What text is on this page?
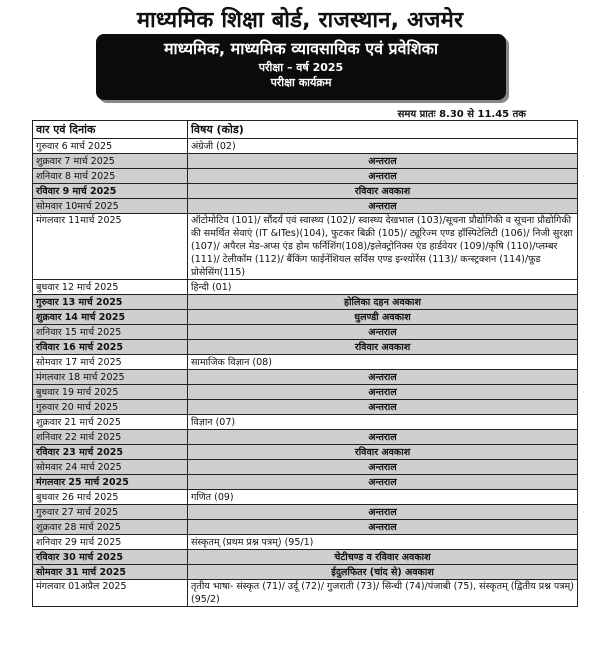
माध्यमिक शिक्षा बोर्ड, राजस्थान, अजमेर
माध्यमिक, माध्यमिक व्यावसायिक एवं प्रवेशिका
परीक्षा – वर्ष 2025
परीक्षा कार्यक्रम
समय प्रातः 8.30 से 11.45 तक
वार एवं दिनांक	विषय (कोड)
गुरुवार 6 मार्च 2025	अंग्रेजी (02)
शुक्रवार 7 मार्च 2025	अन्तराल
शनिवार 8 मार्च 2025	अन्तराल
रविवार 9 मार्च 2025	रविवार अवकाश
सोमवार 10मार्च 2025	अन्तराल
मंगलवार 11मार्च 2025	ऑटोमोटिव (101)/ सौंदर्य एवं स्वास्थ्य (102)/ स्वास्थ्य देखभाल (103)/सूचना प्रौद्योगिकी व सूचना प्रौद्योगिकी की समर्थित सेवाएं (IT &ITes)(104), फुटकर बिक्री (105)/ ट्यूरिज्म एण्ड हॉस्पिटेलिटी (106)/ निजी सुरक्षा (107)/ अपैरल मेड-अप्स एंड होम फर्निशिंग(108)/इलेक्ट्रोनिक्स एंड हार्डवेयर (109)/कृषि (110)/प्लम्बर (111)/ टेलीकॉम (112)/ बैंकिंग फाईनेंशियल सर्विस एण्ड इन्श्योरेंस (113)/ कन्स्ट्रक्शन (114)/फूड प्रोसेसिंग(115)
बुधवार 12 मार्च 2025	हिन्दी (01)
गुरुवार 13 मार्च 2025	होलिका दहन अवकाश
शुक्रवार 14 मार्च 2025	धुलण्डी अवकाश
शनिवार 15 मार्च 2025	अन्तराल
रविवार 16 मार्च 2025	रविवार अवकाश
सोमवार 17 मार्च 2025	सामाजिक विज्ञान (08)
मंगलवार 18 मार्च 2025	अन्तराल
बुधवार 19 मार्च 2025	अन्तराल
गुरुवार 20 मार्च 2025	अन्तराल
शुक्रवार 21 मार्च 2025	विज्ञान (07)
शनिवार 22 मार्च 2025	अन्तराल
रविवार 23 मार्च 2025	रविवार अवकाश
सोमवार 24 मार्च 2025	अन्तराल
मंगलवार 25 मार्च 2025	अन्तराल
बुधवार 26 मार्च 2025	गणित (09)
गुरुवार 27 मार्च 2025	अन्तराल
शुक्रवार 28 मार्च 2025	अन्तराल
शनिवार 29 मार्च 2025	संस्कृतम् (प्रथम प्रश्न पत्रम्) (95/1)
रविवार 30 मार्च 2025	चेटीचण्ड व रविवार अवकाश
सोमवार 31 मार्च 2025	ईदुलफितर (चांद से) अवकाश
मंगलवार 01अप्रैल 2025	तृतीय भाषा- संस्कृत (71)/ उर्दू (72)/ गुजराती (73)/ सिन्धी (74)/पंजाबी (75), संस्कृतम् (द्वितीय प्रश्न पत्रम्) (95/2)
